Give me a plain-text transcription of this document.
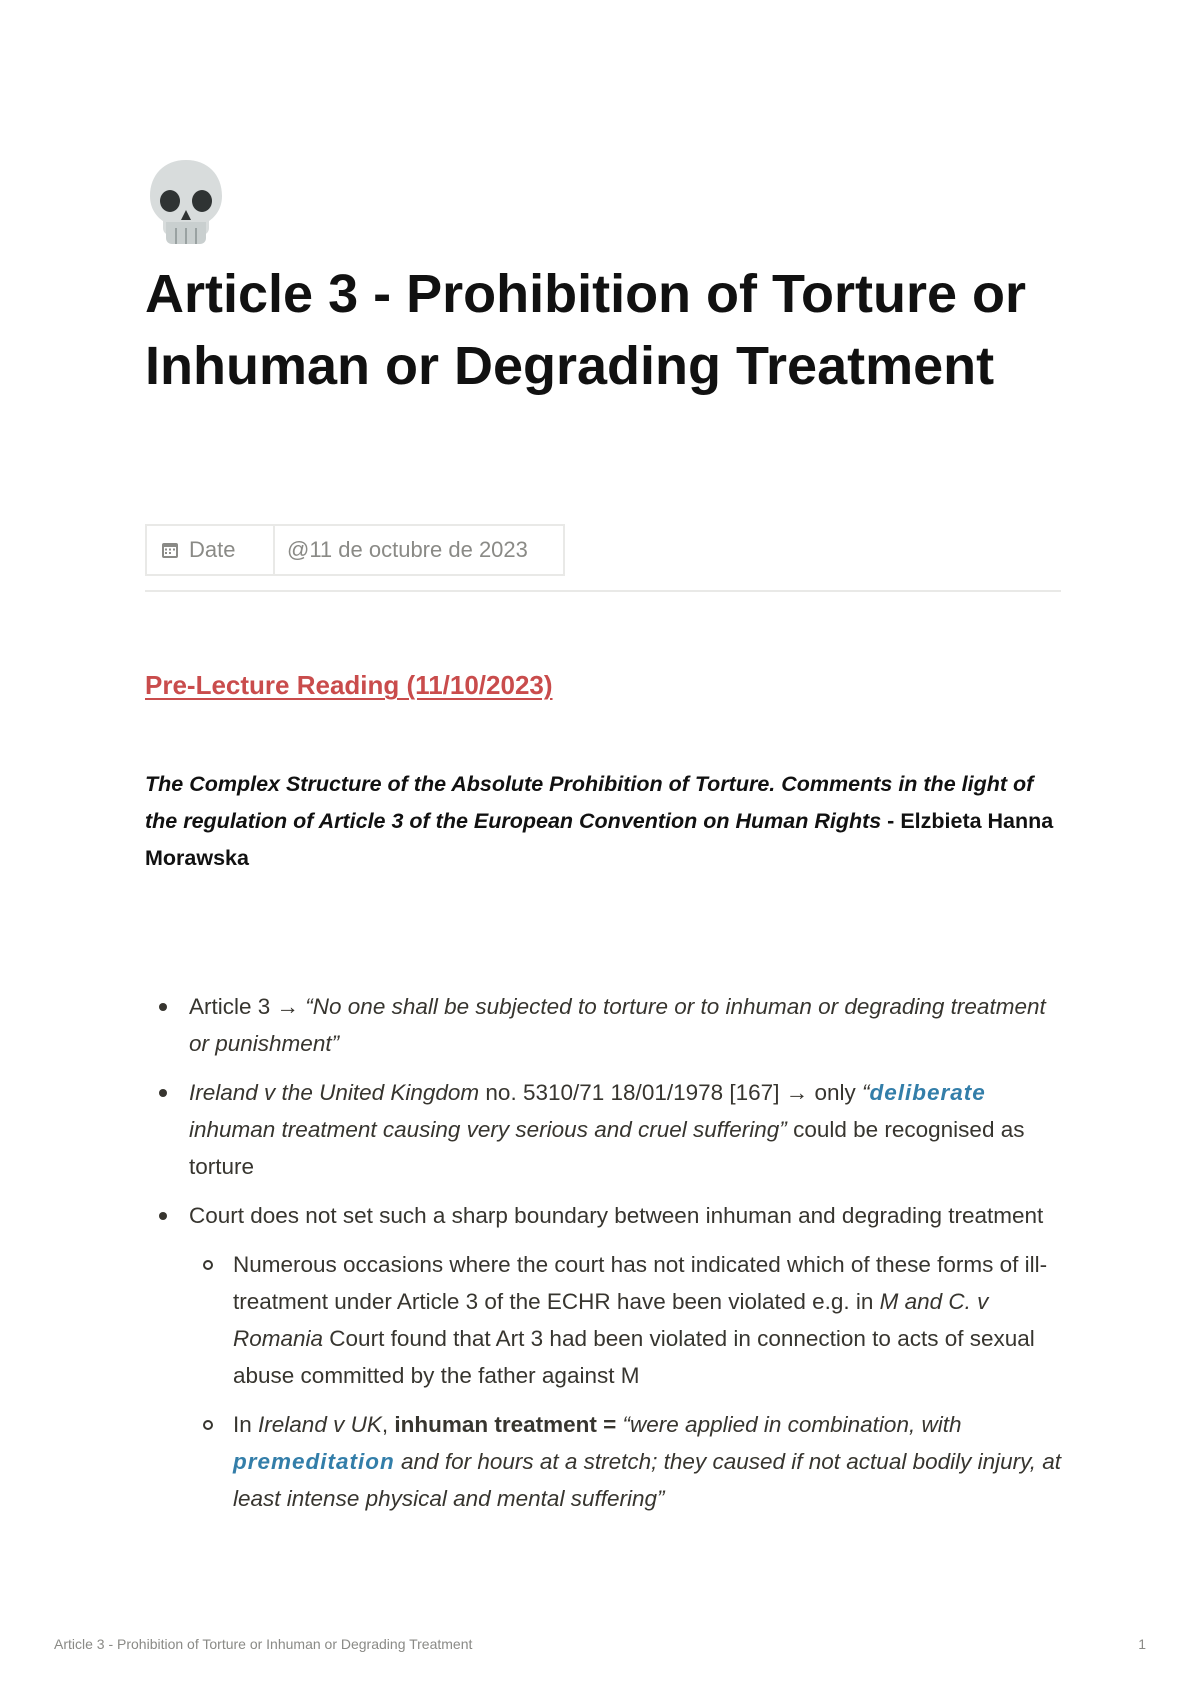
Article 3 - Prohibition of Torture or Inhuman or Degrading Treatment
Date	@11 de octubre de 2023
Pre-Lecture Reading (11/10/2023)

The Complex Structure of the Absolute Prohibition of Torture. Comments in the light of the regulation of Article 3 of the European Convention on Human Rights - Elzbieta Hanna Morawska

Article 3 → “No one shall be subjected to torture or to inhuman or degrading treatment or punishment”
Ireland v the United Kingdom no. 5310/71 18/01/1978 [167] → only “deliberate inhuman treatment causing very serious and cruel suffering” could be recognised as torture
Court does not set such a sharp boundary between inhuman and degrading treatment
Numerous occasions where the court has not indicated which of these forms of ill-treatment under Article 3 of the ECHR have been violated e.g. in M and C. v Romania Court found that Art 3 had been violated in connection to acts of sexual abuse committed by the father against M
In Ireland v UK, inhuman treatment = “were applied in combination, with premeditation and for hours at a stretch; they caused if not actual bodily injury, at least intense physical and mental suffering”
Article 3 - Prohibition of Torture or Inhuman or Degrading Treatment	1
